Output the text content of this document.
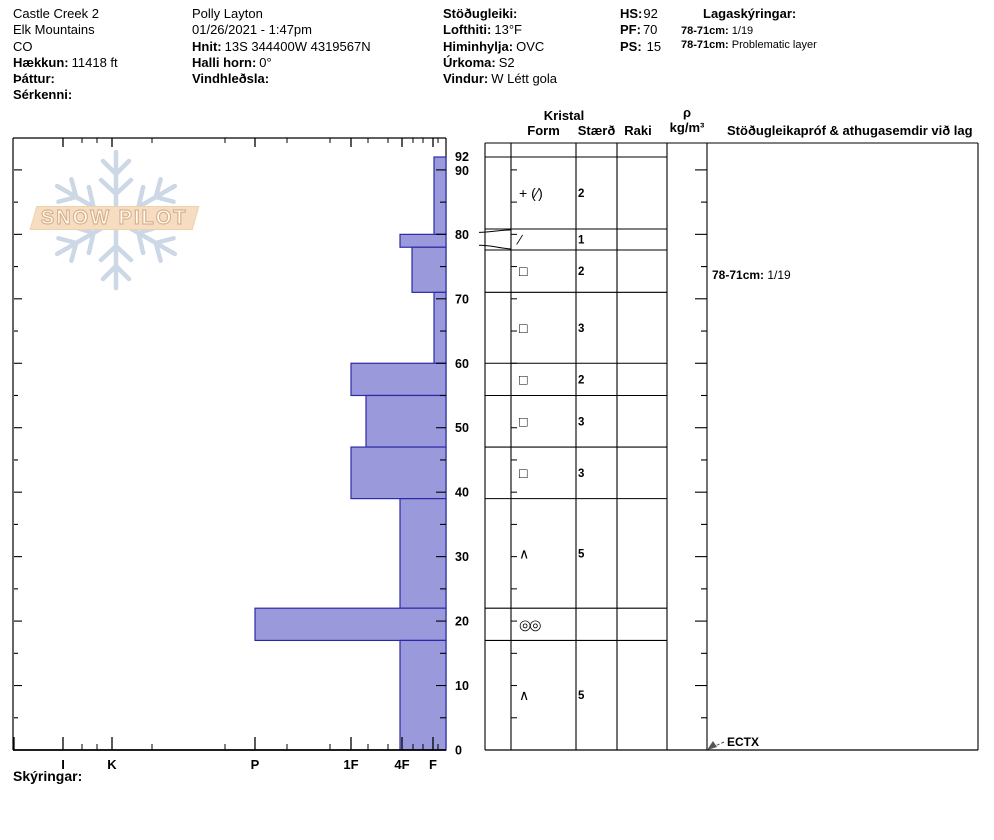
Castle Creek 2
Elk Mountains
CO
Hækkun: 11418 ft
Þáttur:
Sérkenni:
Polly Layton
01/26/2021 - 1:47pm
Hnit: 13S 344400W 4319567N
Halli horn: 0°
Vindhleðsla:
Stöðugleiki:
Lofthiti: 13°F
Himinhylja: OVC
Úrkoma: S2
Vindur: W Létt gola
HS:92
PF: 70
PS: 15
Lagaskýringar:
78-71cm: 1/19
78-71cm: Problematic layer
SNOW PILOT
I	K	P	1F	4F F
92
90
80
70
60
50
40
30
20
10
0
+ (∕)	2
∕	1
□	2
□	3
□	2
□	3
□	3
∧	5
◎◎
∧	5
Kristal
Form	Stærð Raki
ρ
kg/m³ Stöðugleikapróf & athugasemdir við lag
78-71cm: 1/19
ECTX
Skýringar:
